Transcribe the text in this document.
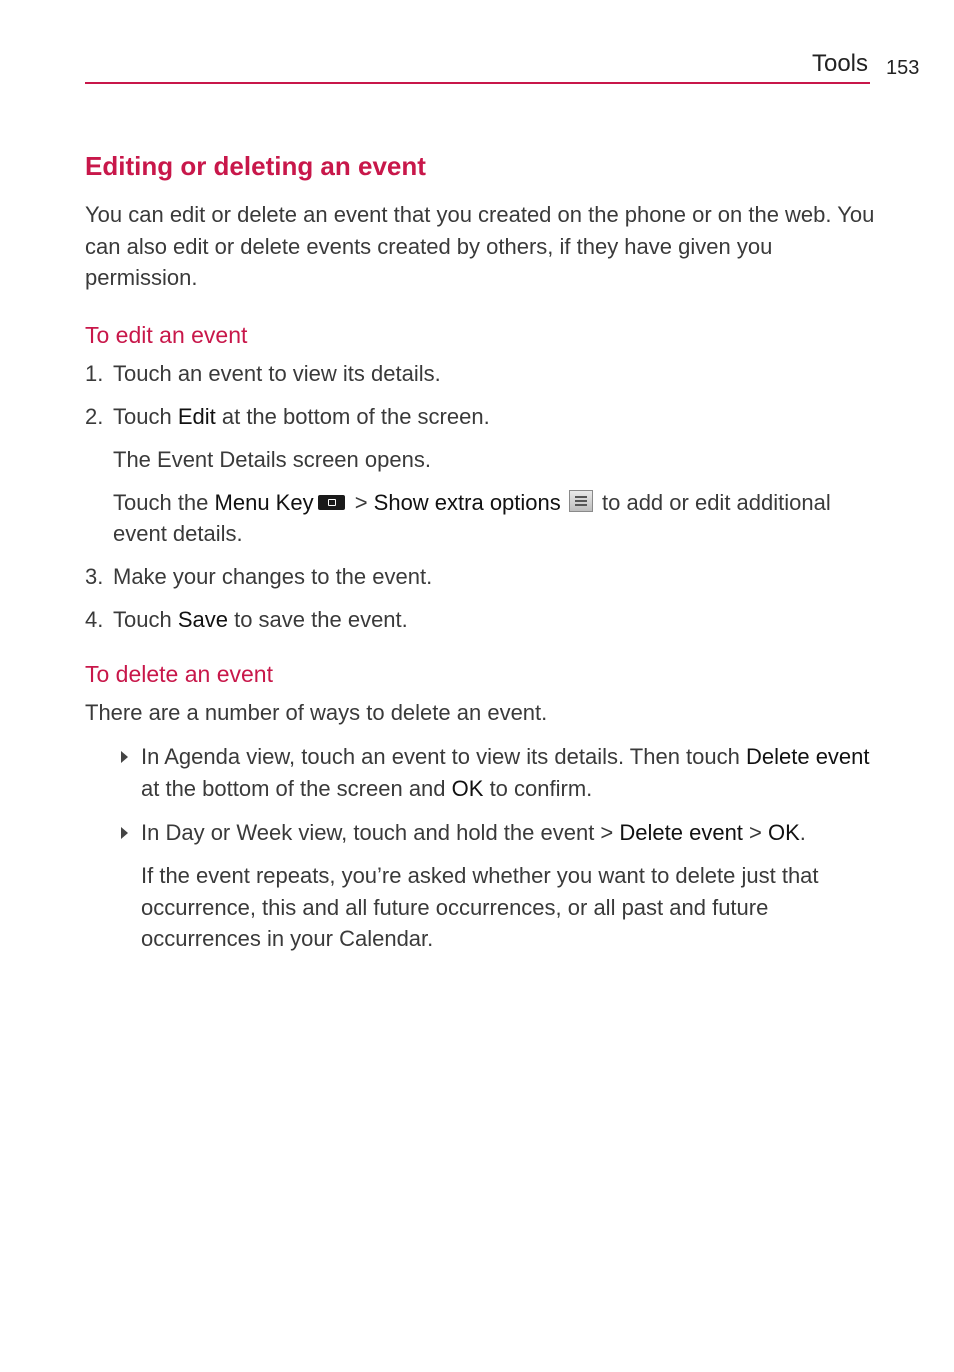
Tools 153
Editing or deleting an event

You can edit or delete an event that you created on the phone or on the web. You can also edit or delete events created by others, if they have given you permission.

To edit an event
1. Touch an event to view its details.
2. Touch Edit at the bottom of the screen.

The Event Details screen opens.

Touch the Menu Key > Show extra options
to add or edit additional event details.

3. Make your changes to the event.
4. Touch Save to save the event.
To delete an event

There are a number of ways to delete an event.

In Agenda view, touch an event to view its details. Then touch Delete event at the bottom of the screen and OK to confirm.
In Day or Week view, touch and hold the event > Delete event > OK.

If the event repeats, you’re asked whether you want to delete just that occurrence, this and all future occurrences, or all past and future occurrences in your Calendar.
